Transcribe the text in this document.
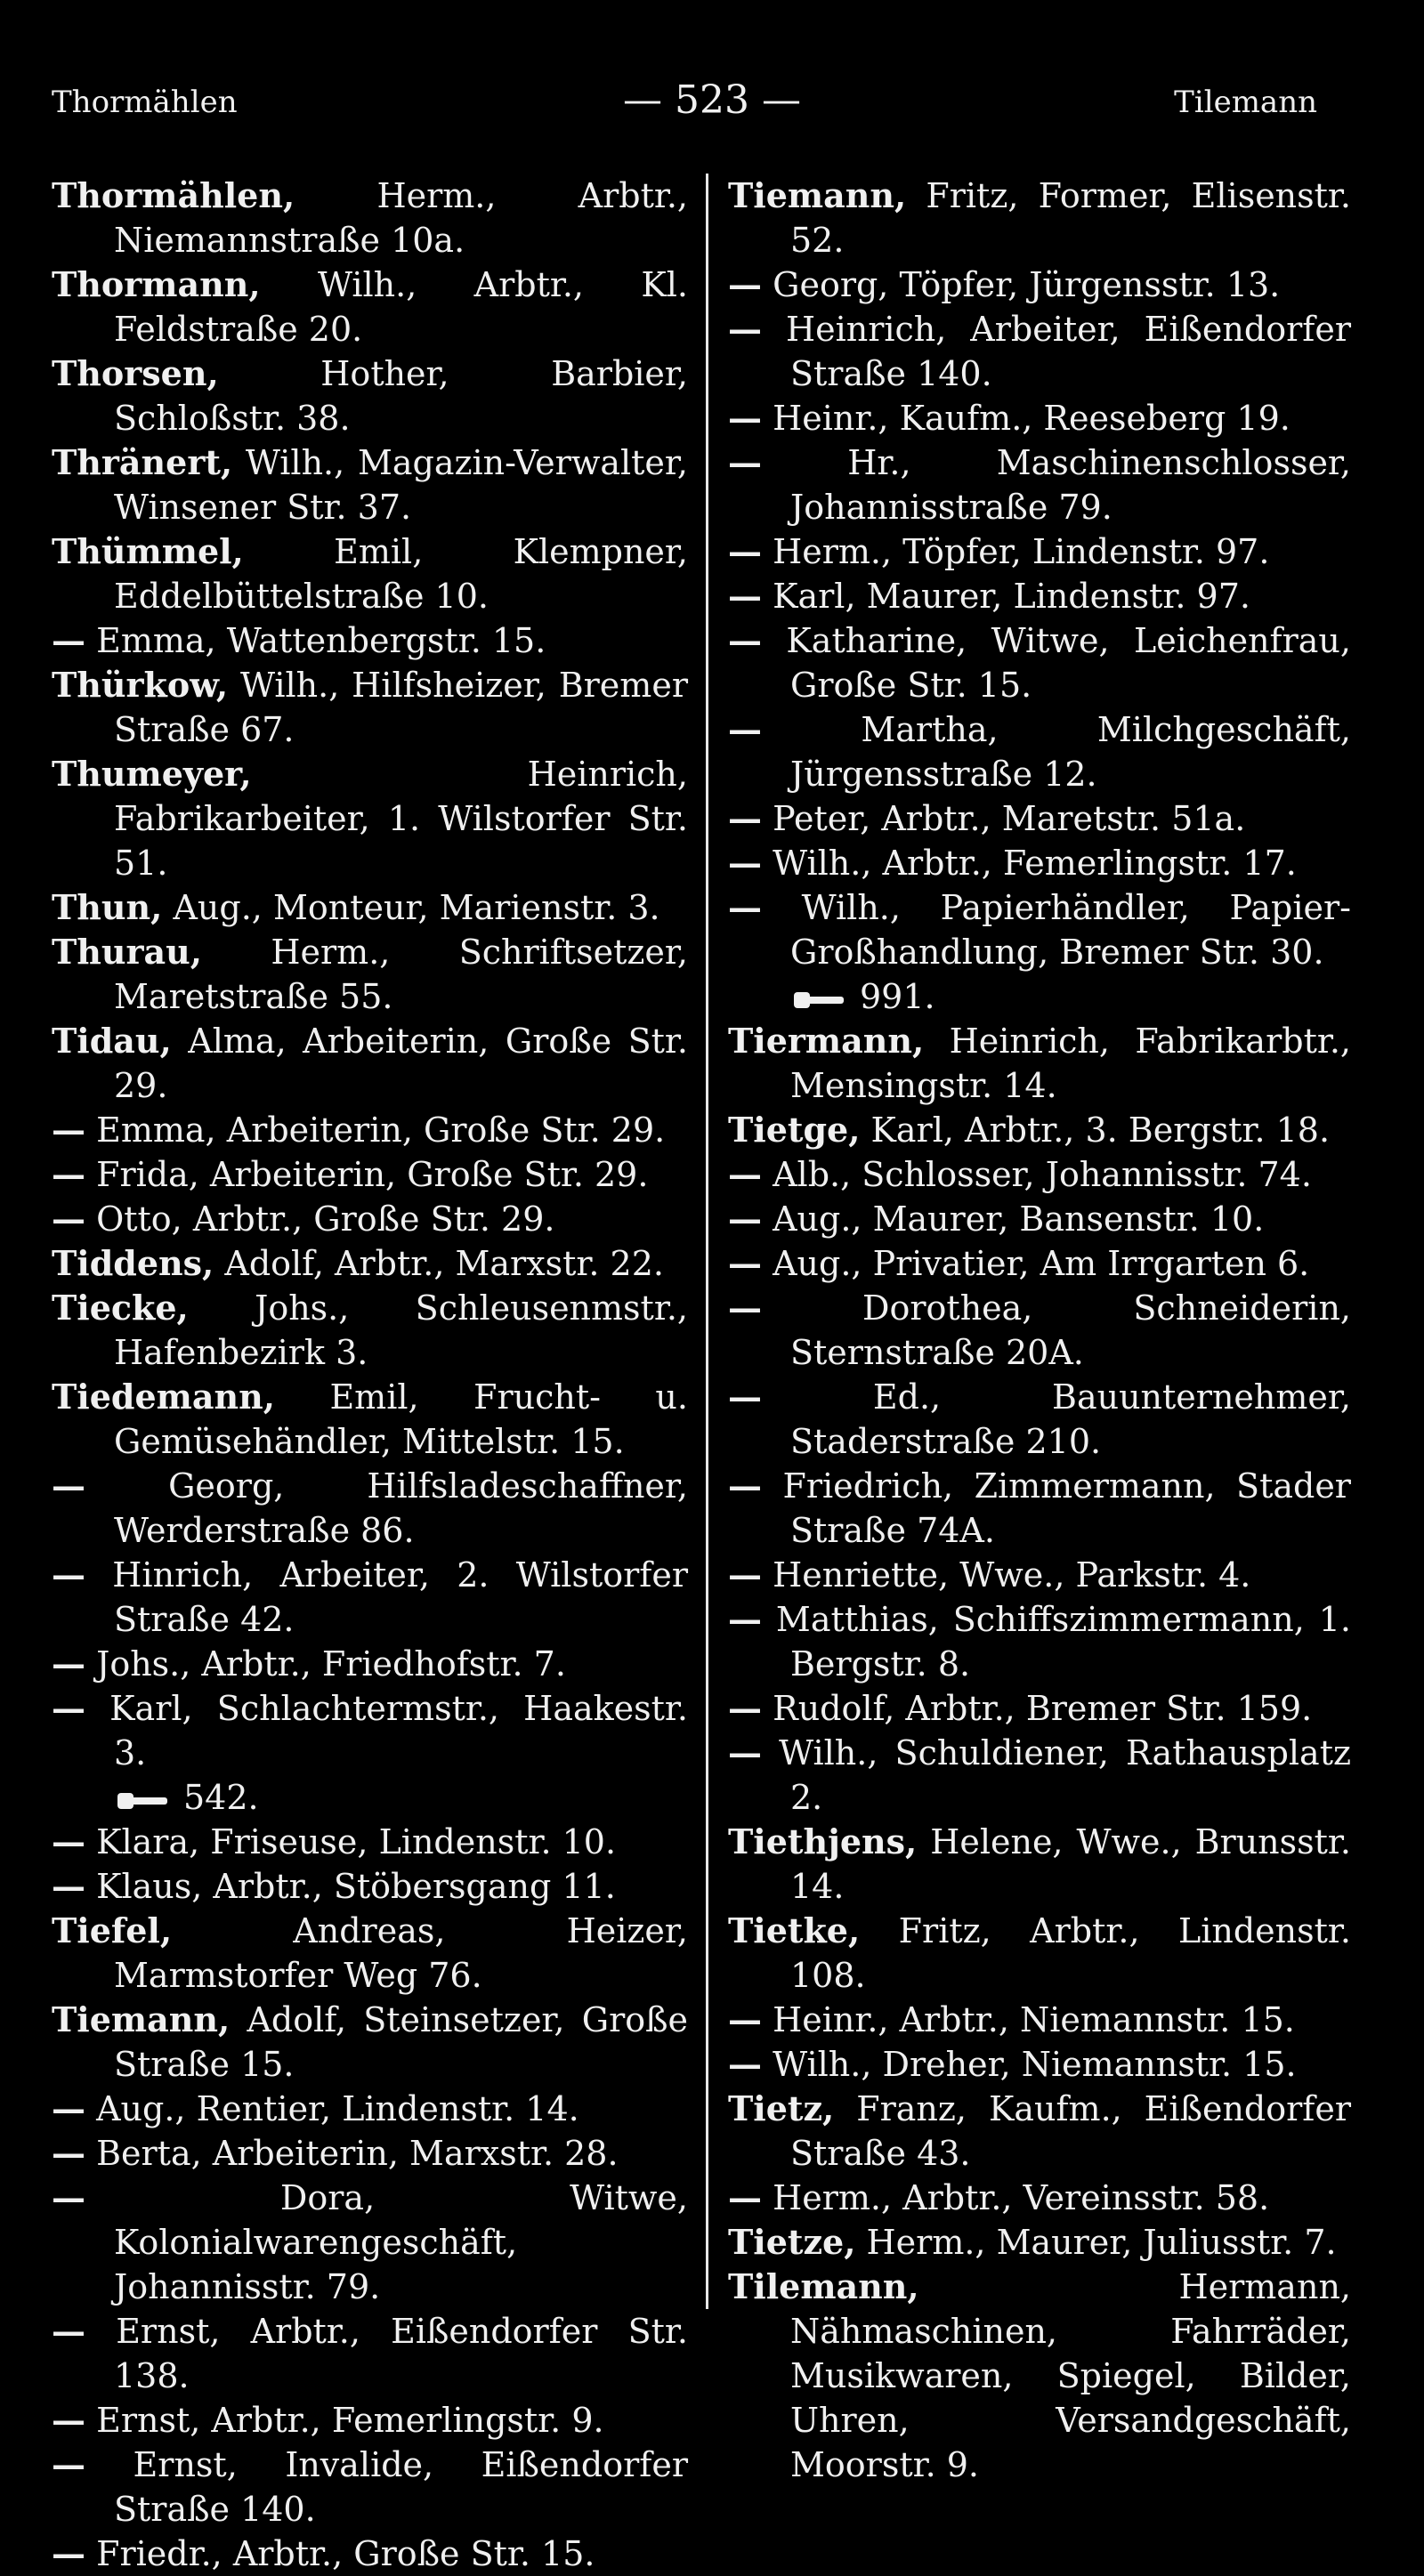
Thormählen	— 523 —	Tilemann

Thormählen, Herm., Arbtr., Niemannstraße 10a.

Thormann, Wilh., Arbtr., Kl. Feldstraße 20.

Thorsen,	Hother, Barbier, Schloßstr. 38.

Thränert, Wilh., Magazin-Verwalter, Winsener Str. 37.

Thümmel,	Emil, Klempner, Eddelbüttelstraße 10.

— Emma, Wattenbergstr. 15.

Thürkow, Wilh., Hilfsheizer, Bremer Straße 67.

Thumeyer,	Heinrich, Fabrikarbeiter, 1. Wilstorfer Str. 51.

Thun, Aug., Monteur, Marienstr. 3.

Thurau, Herm., Schriftsetzer, Maretstraße 55.

Tidau, Alma, Arbeiterin, Große Str. 29.

— Emma, Arbeiterin, Große Str. 29.

— Frida, Arbeiterin, Große Str. 29.

— Otto, Arbtr., Große Str. 29.

Tiddens, Adolf, Arbtr., Marxstr. 22.

Tiecke, Johs., Schleusenmstr., Hafenbezirk 3.

Tiedemann, Emil, Frucht- u. Gemüsehändler, Mittelstr. 15.

— Georg, Hilfsladeschaffner, Werderstraße 86.

— Hinrich, Arbeiter, 2. Wilstorfer Straße 42.

— Johs., Arbtr., Friedhofstr. 7.

— Karl, Schlachtermstr., Haakestr. 3.
542.

— Klara, Friseuse, Lindenstr. 10.

— Klaus, Arbtr., Stöbersgang 11.

Tiefel,	Andreas, Heizer, Marmstorfer Weg 76.

Tiemann, Adolf, Steinsetzer, Große Straße 15.

— Aug., Rentier, Lindenstr. 14.

— Berta, Arbeiterin, Marxstr. 28.

—	Dora, Witwe, Kolonialwarengeschäft, Johannisstr. 79.

— Ernst, Arbtr., Eißendorfer Str. 138.

— Ernst, Arbtr., Femerlingstr. 9.

— Ernst, Invalide, Eißendorfer Straße 140.

— Friedr., Arbtr., Große Str. 15.

Tiemann, Fritz, Former, Elisenstr. 52.

— Georg, Töpfer, Jürgensstr. 13.

— Heinrich, Arbeiter, Eißendorfer Straße 140.

— Heinr., Kaufm., Reeseberg 19.

—	Hr., Maschinenschlosser, Johannisstraße 79.

— Herm., Töpfer, Lindenstr. 97.

— Karl, Maurer, Lindenstr. 97.

— Katharine, Witwe, Leichenfrau, Große Str. 15.

—	Martha, Milchgeschäft, Jürgensstraße 12.

— Peter, Arbtr., Maretstr. 51a.

— Wilh., Arbtr., Femerlingstr. 17.

— Wilh., Papierhändler, Papier-Großhandlung, Bremer Str. 30.
991.

Tiermann, Heinrich, Fabrikarbtr., Mensingstr. 14.

Tietge, Karl, Arbtr., 3. Bergstr. 18.

— Alb., Schlosser, Johannisstr. 74.

— Aug., Maurer, Bansenstr. 10.

— Aug., Privatier, Am Irrgarten 6.

—	Dorothea, Schneiderin, Sternstraße 20A.

—	Ed., Bauunternehmer, Staderstraße 210.

— Friedrich, Zimmermann, Stader Straße 74A.

— Henriette, Wwe., Parkstr. 4.

— Matthias, Schiffszimmermann, 1. Bergstr. 8.

— Rudolf, Arbtr., Bremer Str. 159.

— Wilh., Schuldiener, Rathausplatz 2.

Tiethjens, Helene, Wwe., Brunsstr. 14.

Tietke, Fritz, Arbtr., Lindenstr. 108.

— Heinr., Arbtr., Niemannstr. 15.

— Wilh., Dreher, Niemannstr. 15.

Tietz, Franz, Kaufm., Eißendorfer Straße 43.

— Herm., Arbtr., Vereinsstr. 58.

Tietze, Herm., Maurer, Juliusstr. 7.

Tilemann,	Hermann, Nähmaschinen, Fahrräder, Musikwaren, Spiegel, Bilder, Uhren, Versandgeschäft, Moorstr. 9.
